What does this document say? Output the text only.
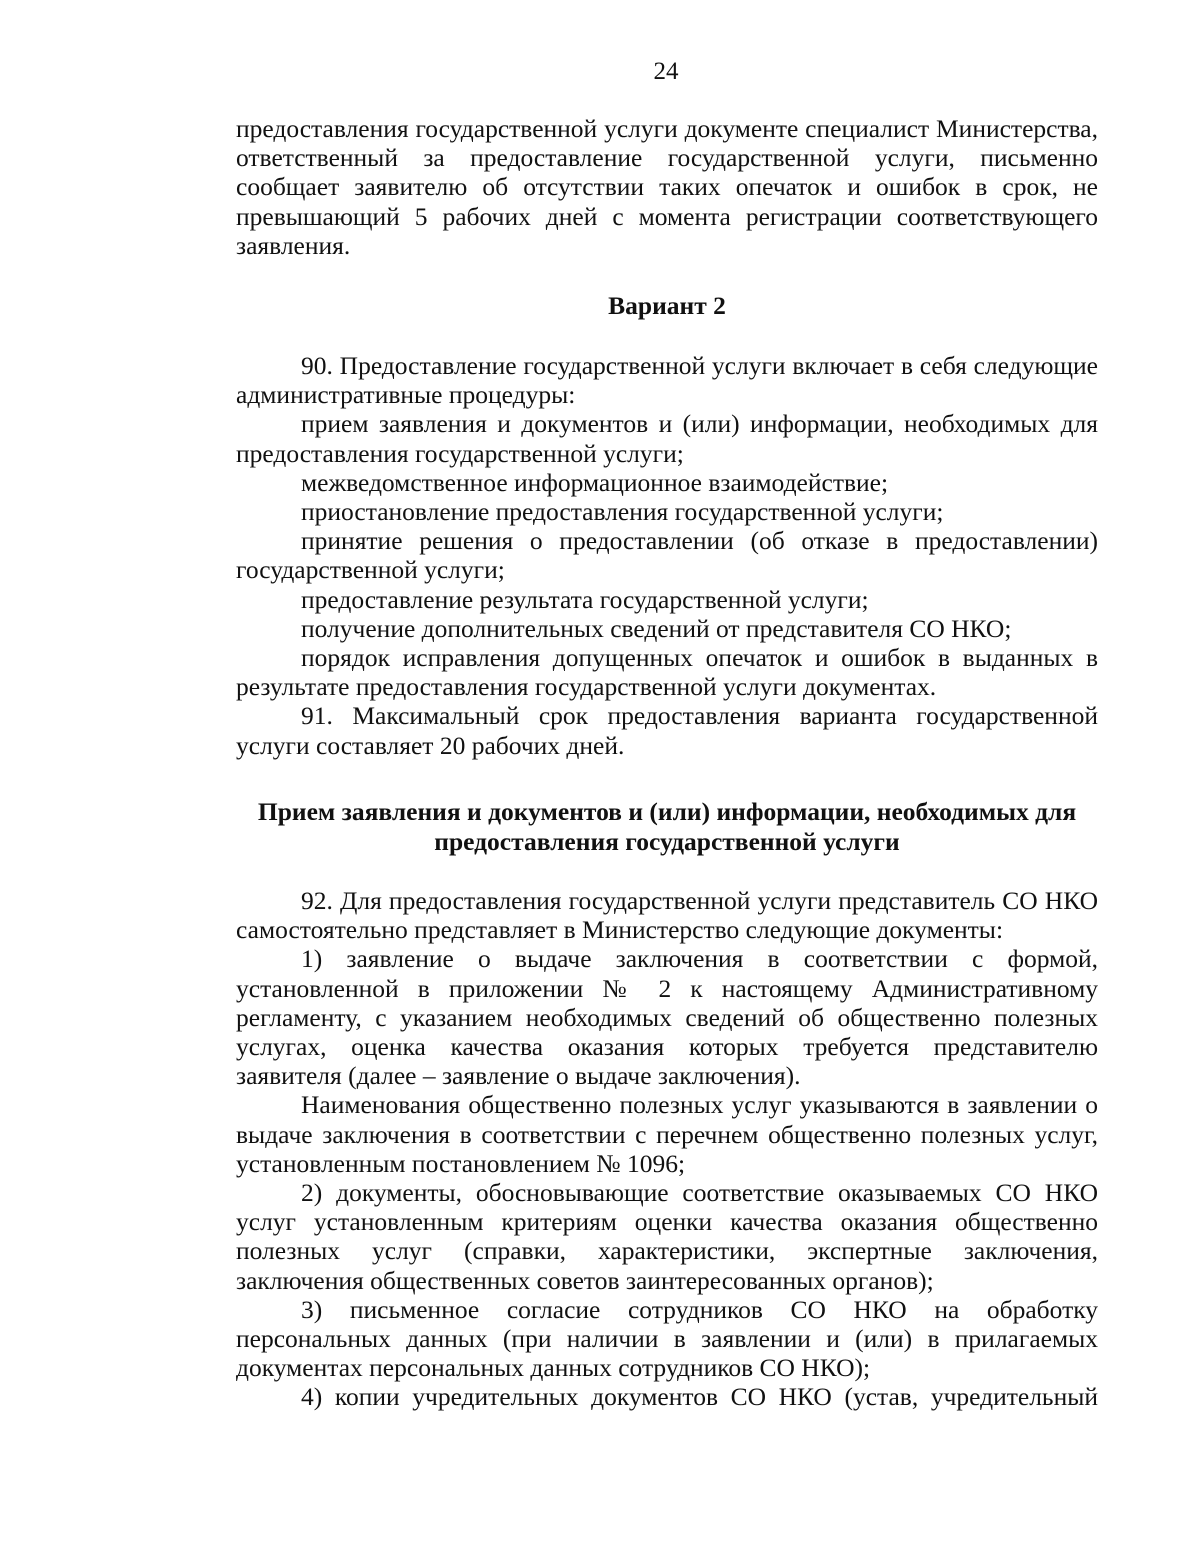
24

предоставления государственной услуги документе специалист Министерства, ответственный за предоставление государственной услуги, письменно сообщает заявителю об отсутствии таких опечаток и ошибок в срок, не превышающий 5 рабочих дней с момента регистрации соответствующего заявления.

Вариант 2

90. Предоставление государственной услуги включает в себя следующие административные процедуры:

прием заявления и документов и (или) информации, необходимых для предоставления государственной услуги;

межведомственное информационное взаимодействие;

приостановление предоставления государственной услуги;

принятие решения о предоставлении (об отказе в предоставлении) государственной услуги;

предоставление результата государственной услуги;

получение дополнительных сведений от представителя СО НКО;

порядок исправления допущенных опечаток и ошибок в выданных в результате предоставления государственной услуги документах.

91. Максимальный срок предоставления варианта государственной услуги составляет 20 рабочих дней.

Прием заявления и документов и (или) информации, необходимых для
предоставления государственной услуги

92. Для предоставления государственной услуги представитель СО НКО самостоятельно представляет в Министерство следующие документы:

1) заявление о выдаче заключения в соответствии с формой, установленной в приложении № 2 к настоящему Административному регламенту, с указанием необходимых сведений об общественно полезных услугах, оценка качества оказания которых требуется представителю заявителя (далее – заявление о выдаче заключения).

Наименования общественно полезных услуг указываются в заявлении о выдаче заключения в соответствии с перечнем общественно полезных услуг, установленным постановлением № 1096;

2) документы, обосновывающие соответствие оказываемых СО НКО услуг установленным критериям оценки качества оказания общественно полезных услуг (справки, характеристики, экспертные заключения, заключения общественных советов заинтересованных органов);

3) письменное согласие сотрудников СО НКО на обработку персональных данных (при наличии в заявлении и (или) в прилагаемых документах персональных данных сотрудников СО НКО);

4) копии учредительных документов СО НКО (устав, учредительный
